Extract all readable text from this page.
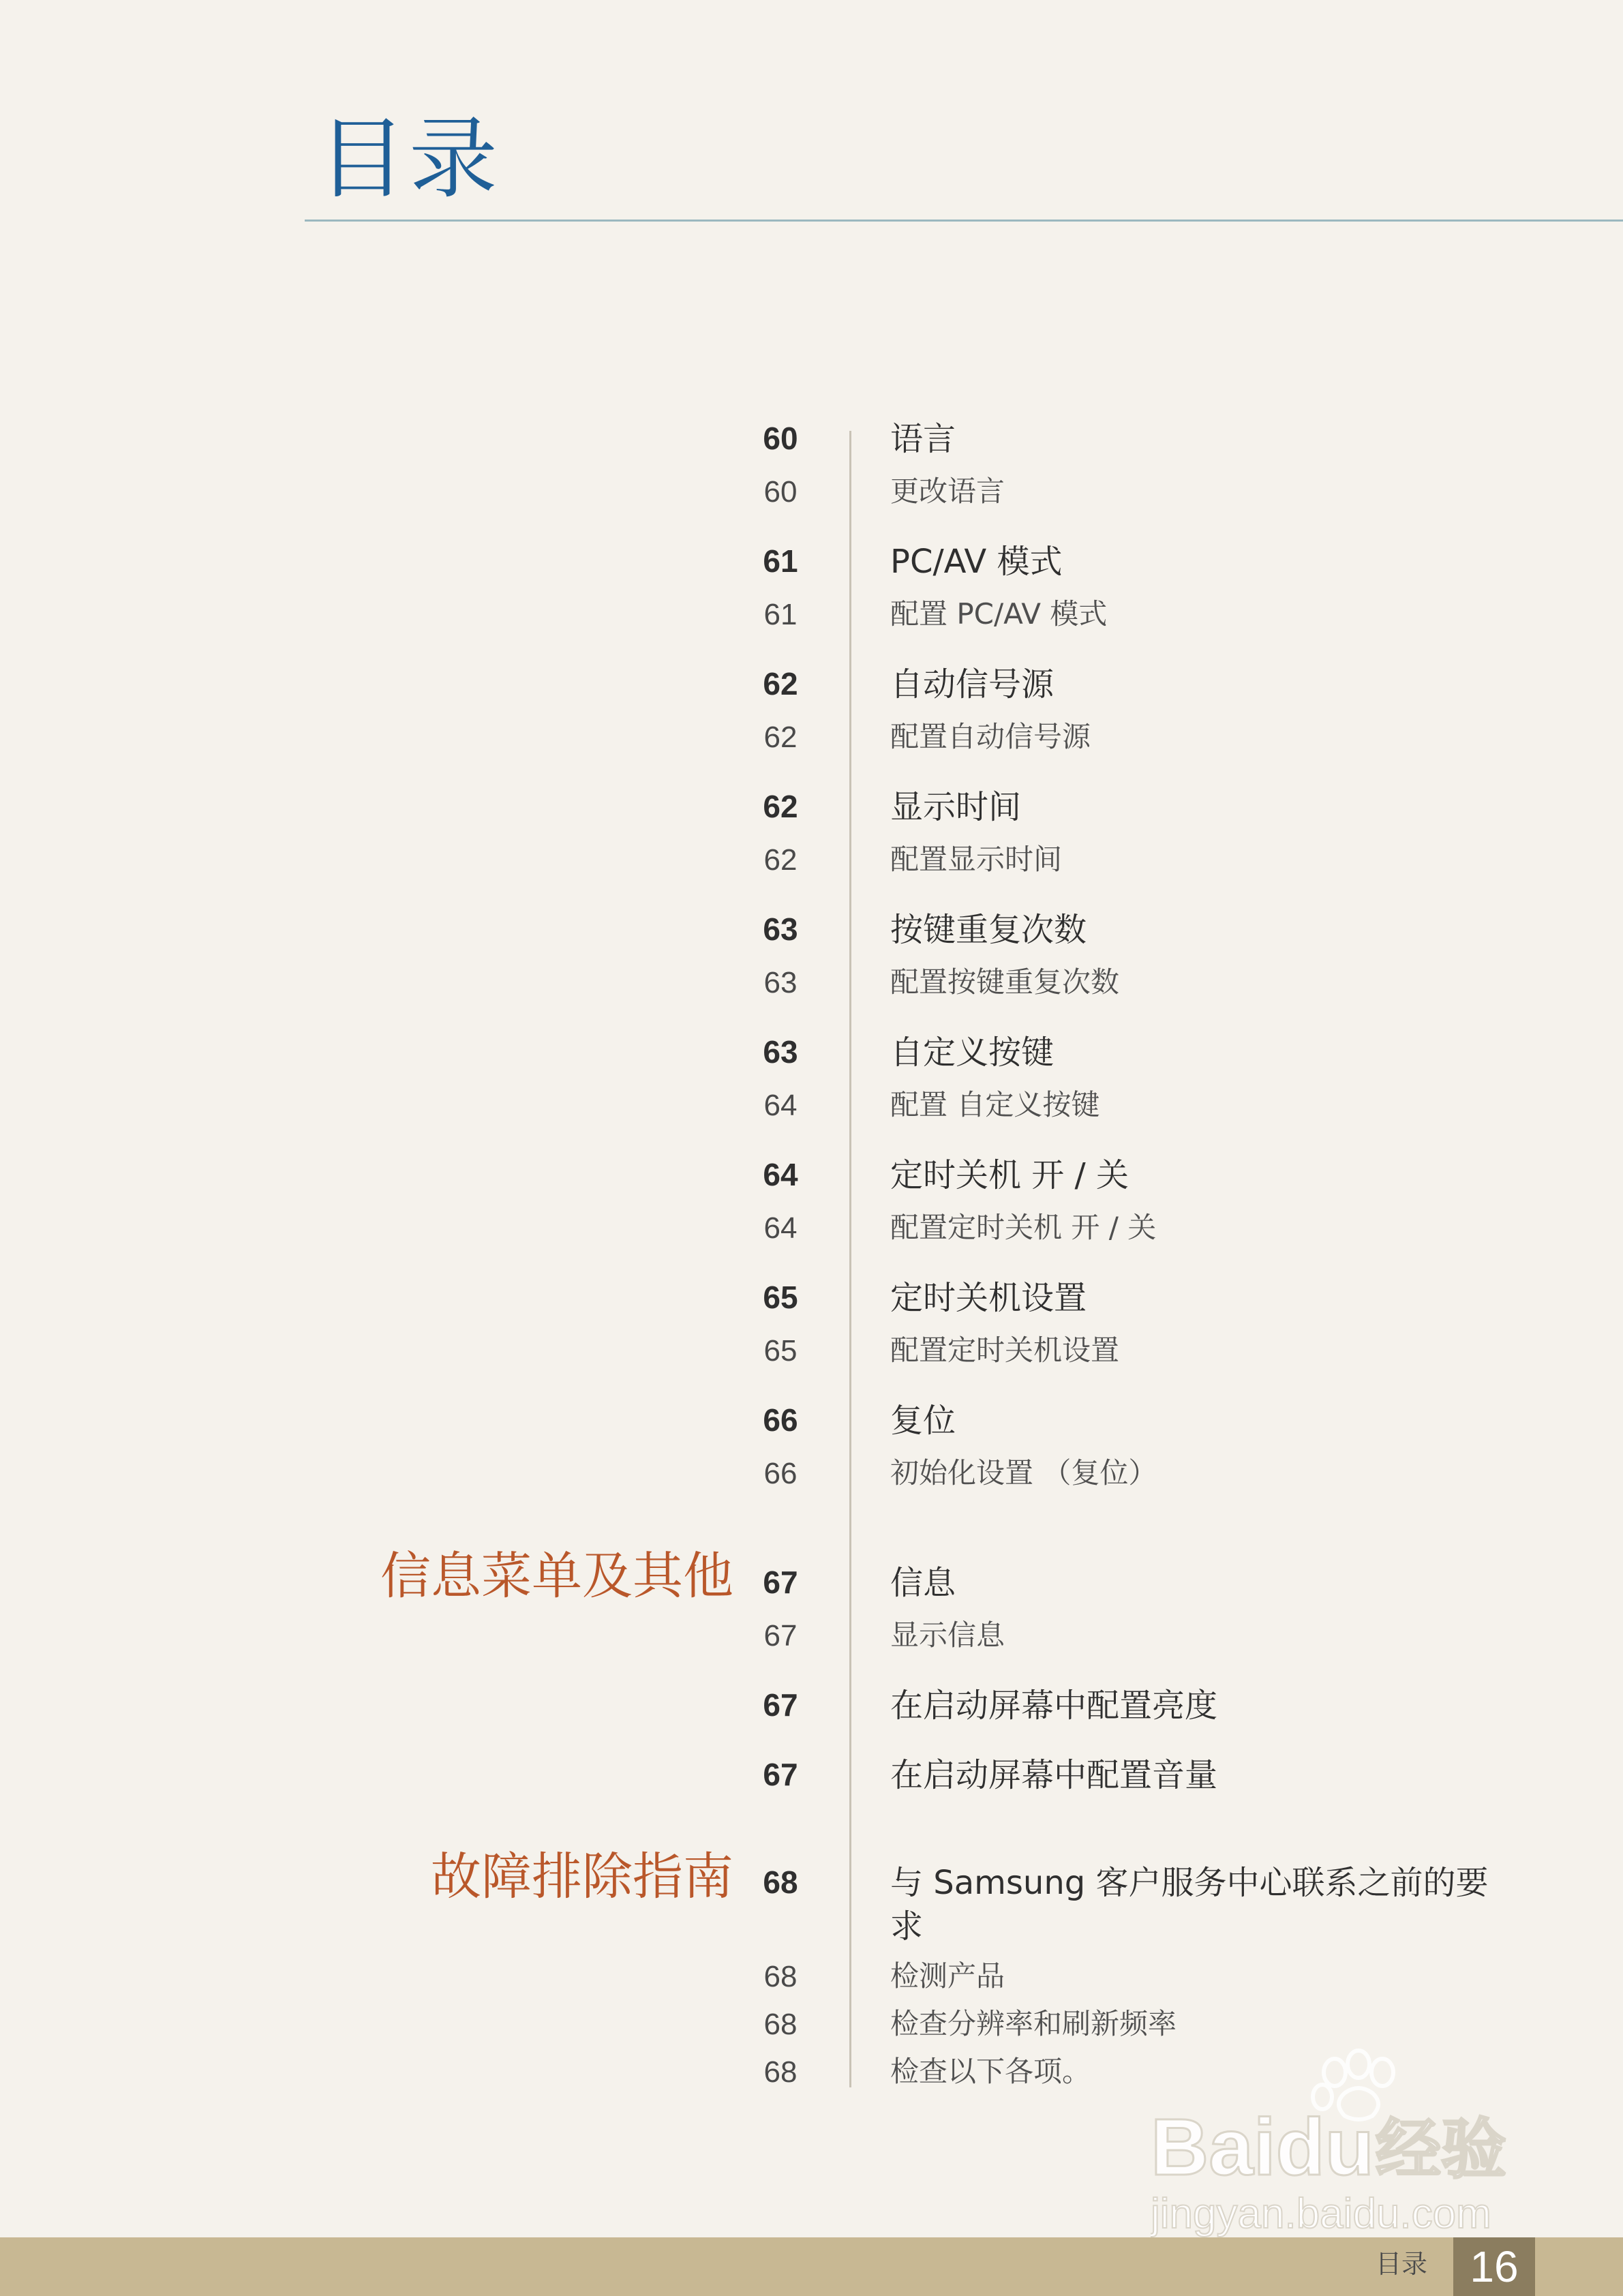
目录
信息菜单及其他
故障排除指南
60	语言
60	更改语言
61	PC/AV 模式
61	配置 PC/AV 模式
62	自动信号源
62	配置自动信号源
62	显示时间
62	配置显示时间
63	按键重复次数
63	配置按键重复次数
63	自定义按键
64	配置 自定义按键
64	定时关机 开 / 关
64	配置定时关机 开 / 关
65	定时关机设置
65	配置定时关机设置
66	复位
66	初始化设置 （复位）
67	信息
67	显示信息
67	在启动屏幕中配置亮度
67	在启动屏幕中配置音量
68	与 Samsung 客户服务中心联系之前的要求
68	检测产品
68	检查分辨率和刷新频率
68	检查以下各项。
Baidu 经验
jingyan.baidu.com
目录 16
